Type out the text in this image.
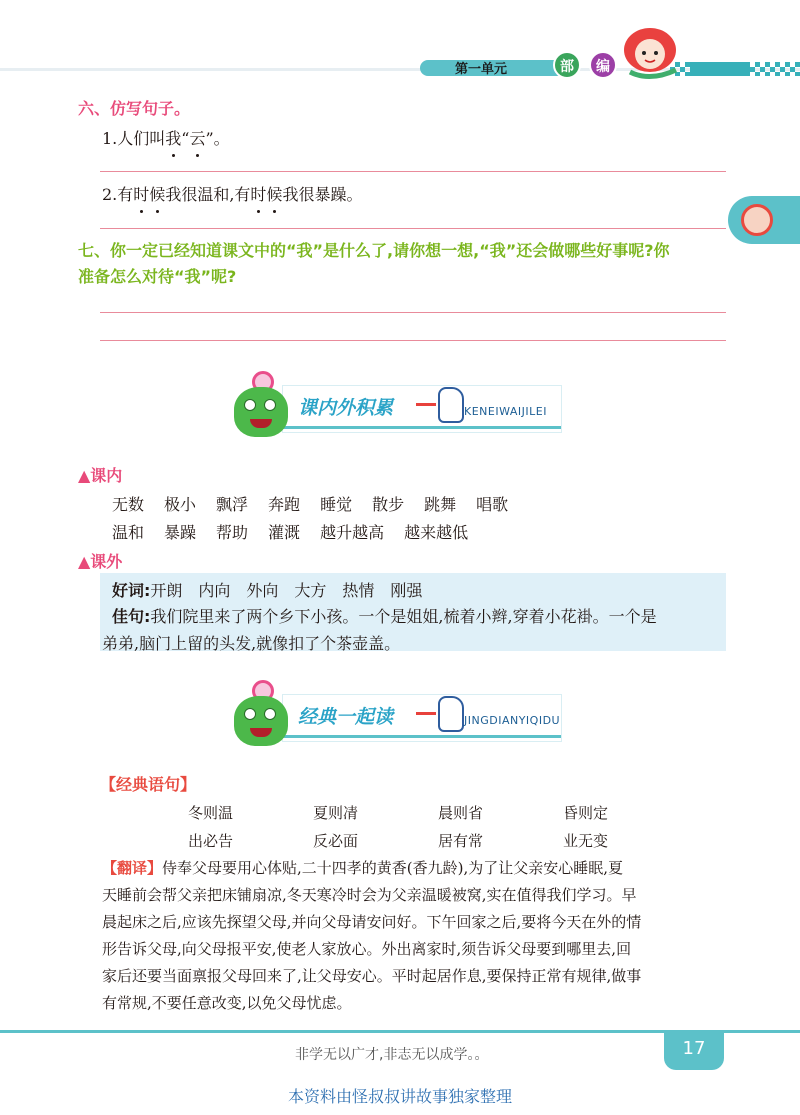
第一单元	部	编
六、仿写句子。
1.人们叫我“云”。
2.有时候我很温和,有时候我很暴躁。
七、你一定已经知道课文中的“我”是什么了,请你想一想,“我”还会做哪些好事呢?你
准备怎么对待“我”呢?
课内外积累	KENEIWAIJILEI
▲课内
无数 极小 飘浮 奔跑 睡觉 散步 跳舞 唱歌
温和 暴躁 帮助 灌溉 越升越高 越来越低
▲课外
好词:开朗　内向　外向　大方　热情　刚强
佳句:我们院里来了两个乡下小孩。一个是姐姐,梳着小辫,穿着小花褂。一个是
弟弟,脑门上留的头发,就像扣了个茶壶盖。
经典一起读	JINGDIANYIQIDU
【经典语句】
冬则温	夏则凊	晨则省	昏则定
出必告	反必面	居有常	业无变
【翻译】侍奉父母要用心体贴,二十四孝的黄香(香九龄),为了让父亲安心睡眠,夏
天睡前会帮父亲把床铺扇凉,冬天寒冷时会为父亲温暖被窝,实在值得我们学习。早
晨起床之后,应该先探望父母,并向父母请安问好。下午回家之后,要将今天在外的情
形告诉父母,向父母报平安,使老人家放心。外出离家时,须告诉父母要到哪里去,回
家后还要当面禀报父母回来了,让父母安心。平时起居作息,要保持正常有规律,做事
有常规,不要任意改变,以免父母忧虑。
非学无以广才,非志无以成学。。	17
本资料由怪叔叔讲故事独家整理
